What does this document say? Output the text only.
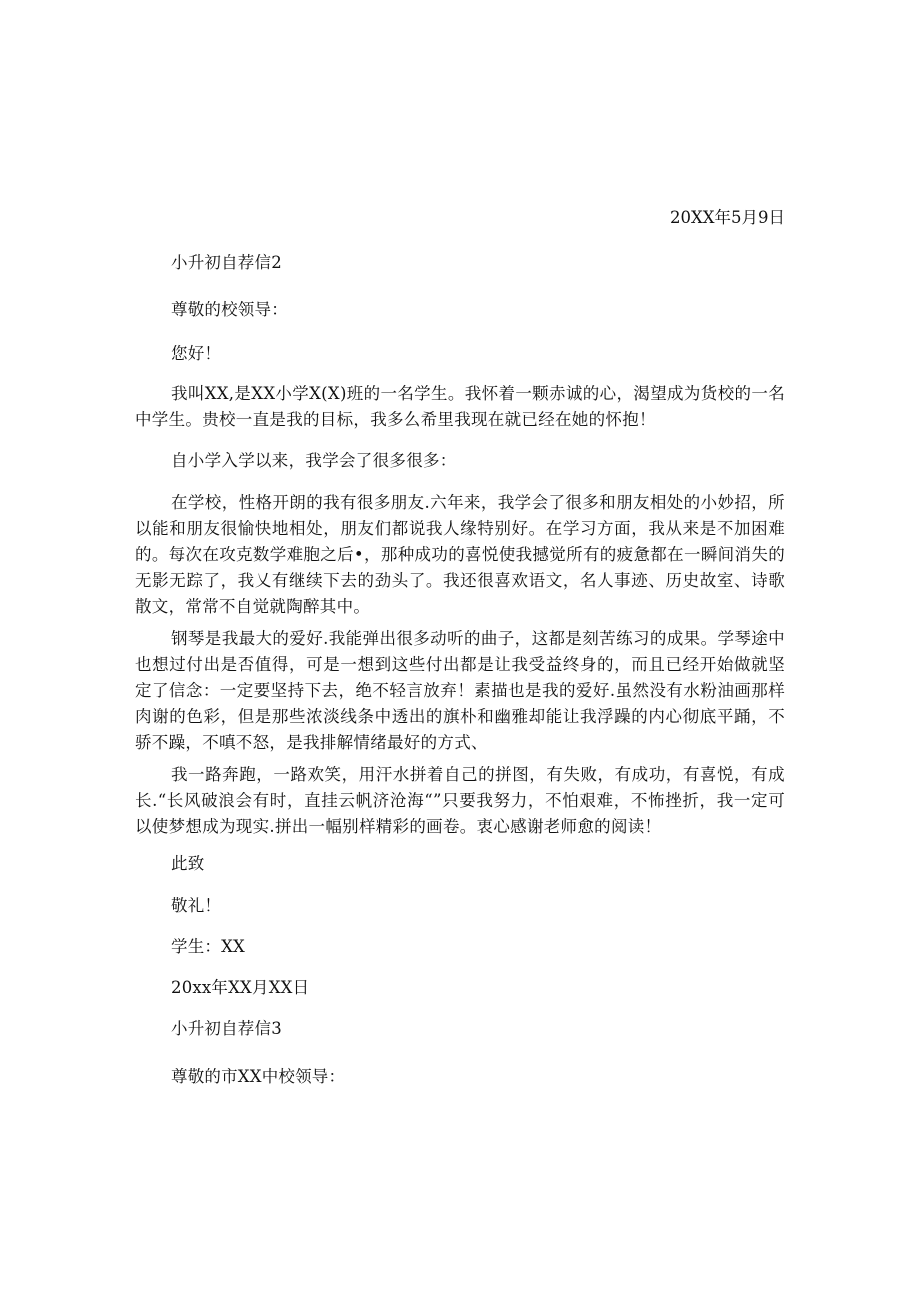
20XX年5月9日
小升初自荐信2
尊敬的校领导：
您好！
我叫XX,是XX小学X(X)班的一名学生。我怀着一颗赤诚的心，渴望成为货校的一名中学生。贵校一直是我的目标，我多么希里我现在就已经在她的怀抱！
自小学入学以来，我学会了很多很多：
在学校，性格开朗的我有很多朋友.六年来，我学会了很多和朋友相处的小妙招，所以能和朋友很愉快地相处，朋友们都说我人缘特别好。在学习方面，我从来是不加困难的。每次在攻克数学难胞之后•，那种成功的喜悦使我撼觉所有的疲惫都在一瞬间消失的无影无踪了，我乂有继续下去的劲头了。我还很喜欢语文，名人事迹、历史故室、诗歌散文，常常不自觉就陶醉其中。
钢琴是我最大的爱好.我能弹出很多动听的曲子，这都是刻苦练习的成果。学琴途中也想过付出是否值得，可是一想到这些付出都是让我受益终身的，而且已经开始做就坚定了信念：一定要坚持下去，绝不轻言放弃！素描也是我的爱好.虽然没有水粉油画那样肉谢的色彩，但是那些浓淡线条中透出的旗朴和幽雅却能让我浮躁的内心彻底平踊，不骄不躁，不嗔不怒，是我排解情绪最好的方式、
我一路奔跑，一路欢笑，用汗水拼着自己的拼图，有失败，有成功，有喜悦，有成长.“长风破浪会有时，直挂云帆济沧海“”只要我努力，不怕艰难，不怖挫折，我一定可以使梦想成为现实.拼出一幅别样精彩的画卷。衷心感谢老师愈的阅读！
此致
敬礼！
学生：XX
20xx年XX月XX日
小升初自荐信3
尊敬的市XX中校领导：
